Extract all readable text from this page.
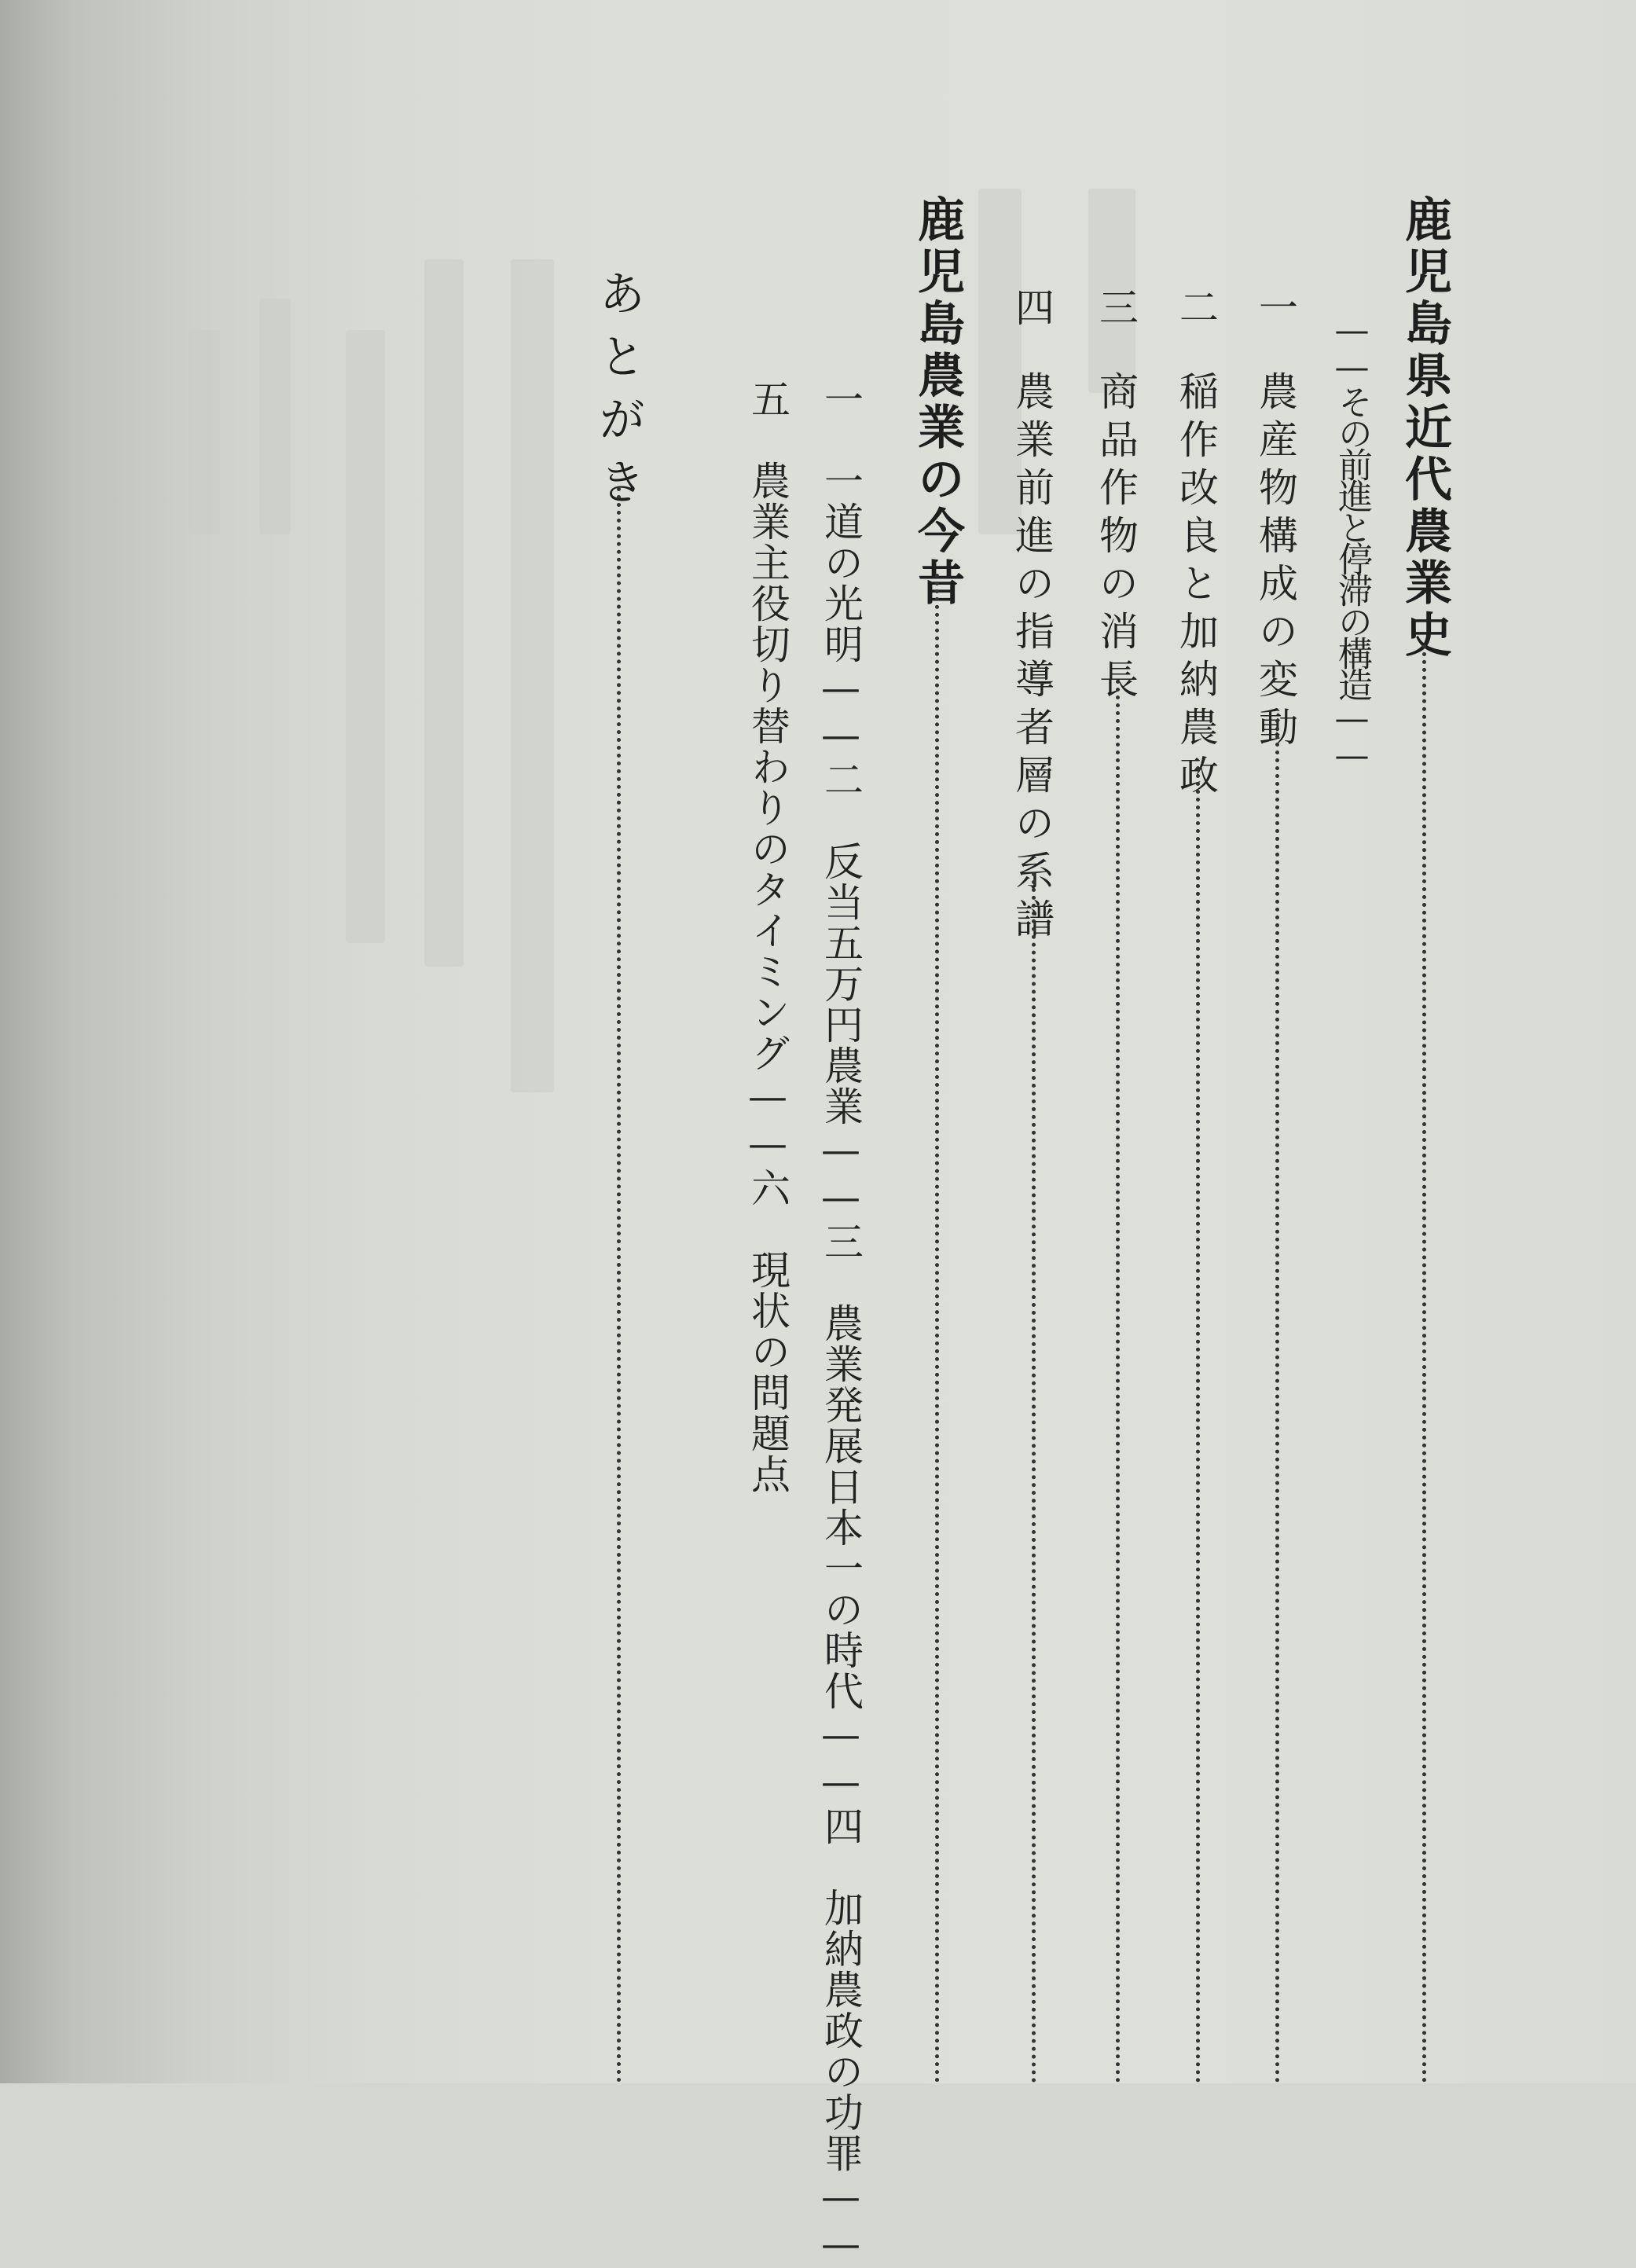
鹿児島県近代農業史
——その前進と停滞の構造——
一農産物構成の変動
二稲作改良と加納農政
三商品作物の消長
四農業前進の指導者層の系譜
鹿児島農業の今昔
一　一道の光明——二　反当五万円農業——三　農業発展日本一の時代——四　加納農政の功罪——
五　農業主役切り替わりのタイミング——六　現状の問題点
あとがき
